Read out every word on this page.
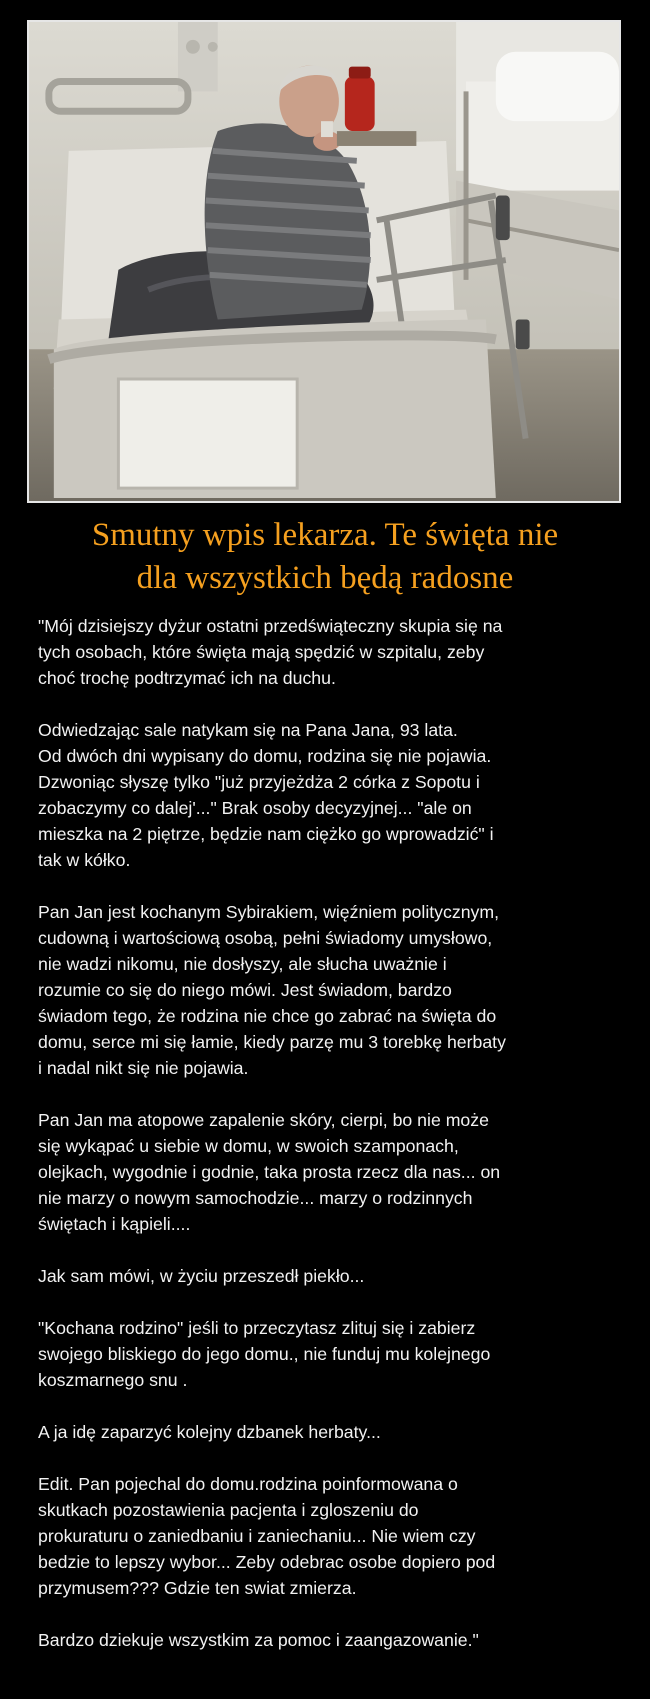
Smutny wpis lekarza. Te święta nie
dla wszystkich będą radosne

"Mój dzisiejszy dyżur ostatni przedświąteczny skupia się na
tych osobach, które święta mają spędzić w szpitalu, zeby
choć trochę podtrzymać ich na duchu.

Odwiedzając sale natykam się na Pana Jana, 93 lata.
Od dwóch dni wypisany do domu, rodzina się nie pojawia.
Dzwoniąc słyszę tylko "już przyjeżdża 2 córka z Sopotu i
zobaczymy co dalej'..." Brak osoby decyzyjnej... "ale on
mieszka na 2 piętrze, będzie nam ciężko go wprowadzić" i
tak w kółko.

Pan Jan jest kochanym Sybirakiem, więźniem politycznym,
cudowną i wartościową osobą, pełni świadomy umysłowo,
nie wadzi nikomu, nie dosłyszy, ale słucha uważnie i
rozumie co się do niego mówi. Jest świadom, bardzo
świadom tego, że rodzina nie chce go zabrać na święta do
domu, serce mi się łamie, kiedy parzę mu 3 torebkę herbaty
i nadal nikt się nie pojawia.

Pan Jan ma atopowe zapalenie skóry, cierpi, bo nie może
się wykąpać u siebie w domu, w swoich szamponach,
olejkach, wygodnie i godnie, taka prosta rzecz dla nas... on
nie marzy o nowym samochodzie... marzy o rodzinnych
świętach i kąpieli....

Jak sam mówi, w życiu przeszedł piekło...

"Kochana rodzino" jeśli to przeczytasz zlituj się i zabierz
swojego bliskiego do jego domu., nie funduj mu kolejnego
koszmarnego snu .

A ja idę zaparzyć kolejny dzbanek herbaty...

Edit. Pan pojechal do domu.rodzina poinformowana o
skutkach pozostawienia pacjenta i zgloszeniu do
prokuraturu o zaniedbaniu i zaniechaniu... Nie wiem czy
bedzie to lepszy wybor... Zeby odebrac osobe dopiero pod
przymusem??? Gdzie ten swiat zmierza.

Bardzo dziekuje wszystkim za pomoc i zaangazowanie."
